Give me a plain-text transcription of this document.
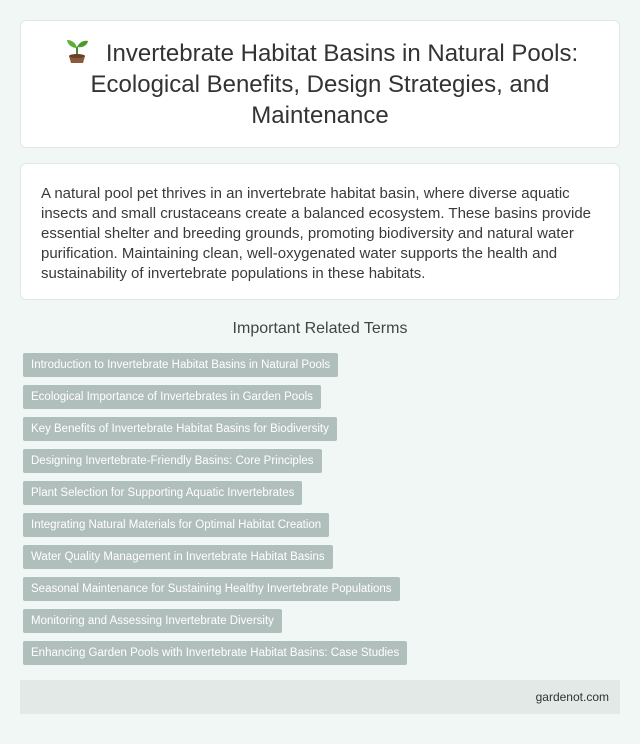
Invertebrate Habitat Basins in Natural Pools: Ecological Benefits, Design Strategies, and Maintenance

A natural pool pet thrives in an invertebrate habitat basin, where diverse aquatic insects and small crustaceans create a balanced ecosystem. These basins provide essential shelter and breeding grounds, promoting biodiversity and natural water purification. Maintaining clean, well-oxygenated water supports the health and sustainability of invertebrate populations in these habitats.

Important Related Terms
Introduction to Invertebrate Habitat Basins in Natural Pools
Ecological Importance of Invertebrates in Garden Pools
Key Benefits of Invertebrate Habitat Basins for Biodiversity
Designing Invertebrate-Friendly Basins: Core Principles
Plant Selection for Supporting Aquatic Invertebrates
Integrating Natural Materials for Optimal Habitat Creation
Water Quality Management in Invertebrate Habitat Basins
Seasonal Maintenance for Sustaining Healthy Invertebrate Populations
Monitoring and Assessing Invertebrate Diversity
Enhancing Garden Pools with Invertebrate Habitat Basins: Case Studies
gardenot.com
